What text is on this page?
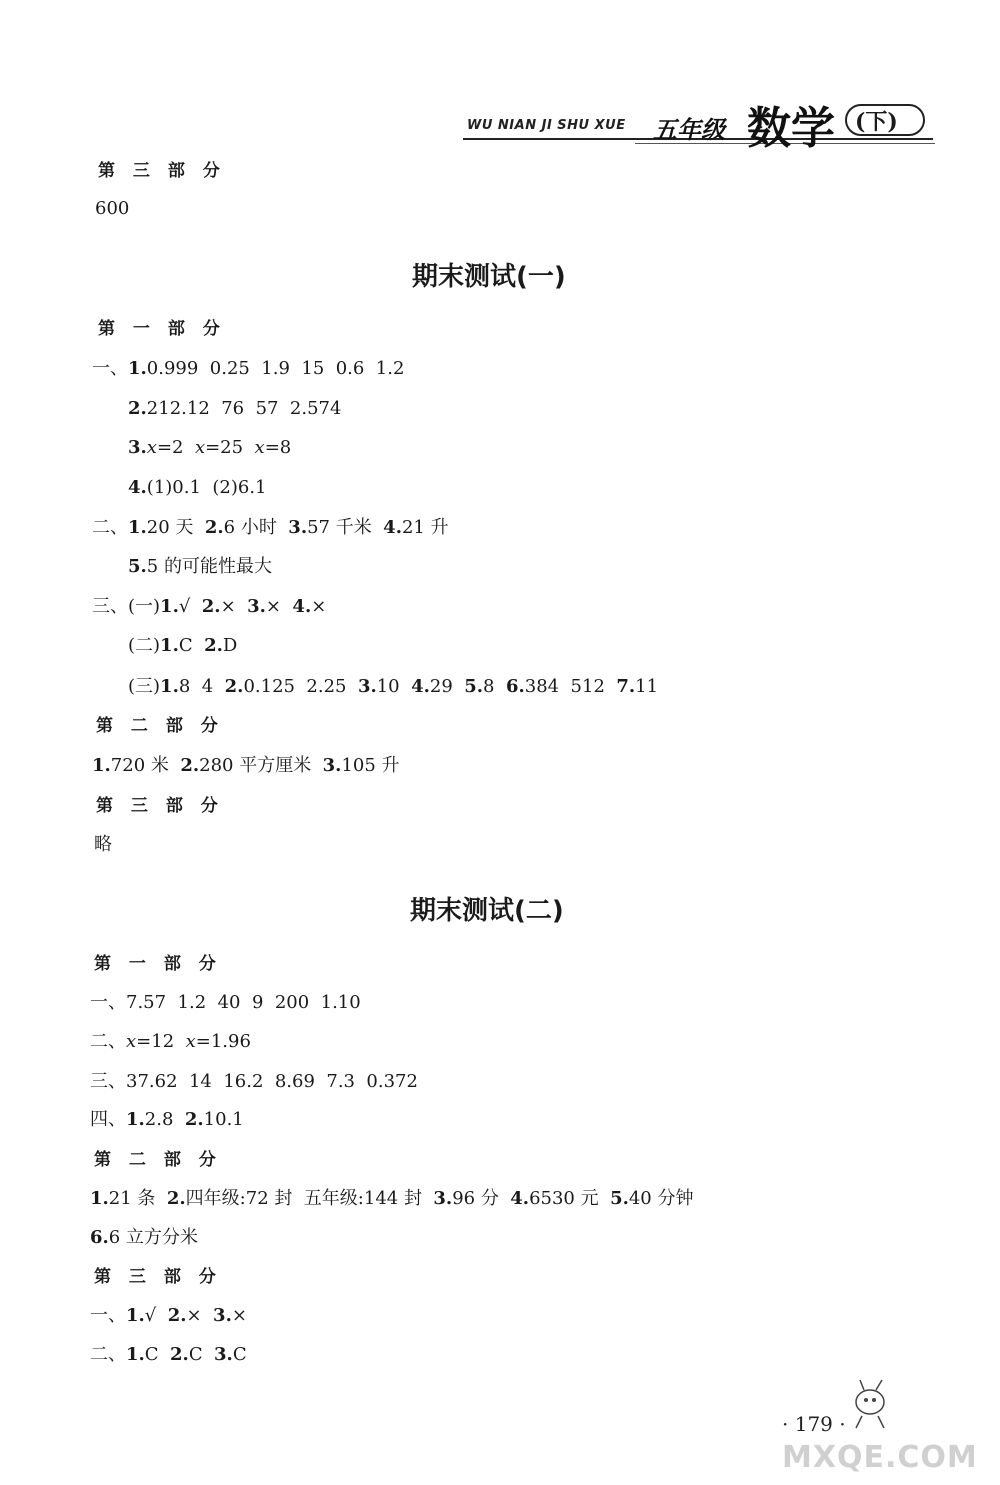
WU NIAN JI SHU XUE 五年级 数学 (下)
第 三 部 分
600
期末测试(一)
第 一 部 分
一、1.0.999  0.25  1.9  15  0.6  1.2
2.212.12  76  57  2.574
3.x=2  x=25  x=8
4.(1)0.1  (2)6.1
二、1.20 天  2.6 小时  3.57 千米  4.21 升
5.5 的可能性最大
三、(一)1.√  2.×  3.×  4.×
(二)1.C  2.D
(三)1.8  4  2.0.125  2.25  3.10  4.29  5.8  6.384  512  7.11
第 二 部 分
1.720 米  2.280 平方厘米  3.105 升
第 三 部 分
略
期末测试(二)
第 一 部 分
一、7.57  1.2  40  9  200  1.10
二、x=12  x=1.96
三、37.62  14  16.2  8.69  7.3  0.372
四、1.2.8  2.10.1
第 二 部 分
1.21 条  2.四年级:72 封  五年级:144 封  3.96 分  4.6530 元  5.40 分钟
6.6 立方分米
第 三 部 分
一、1.√  2.×  3.×
二、1.C  2.C  3.C
· 179 ·
MXQE.COM
